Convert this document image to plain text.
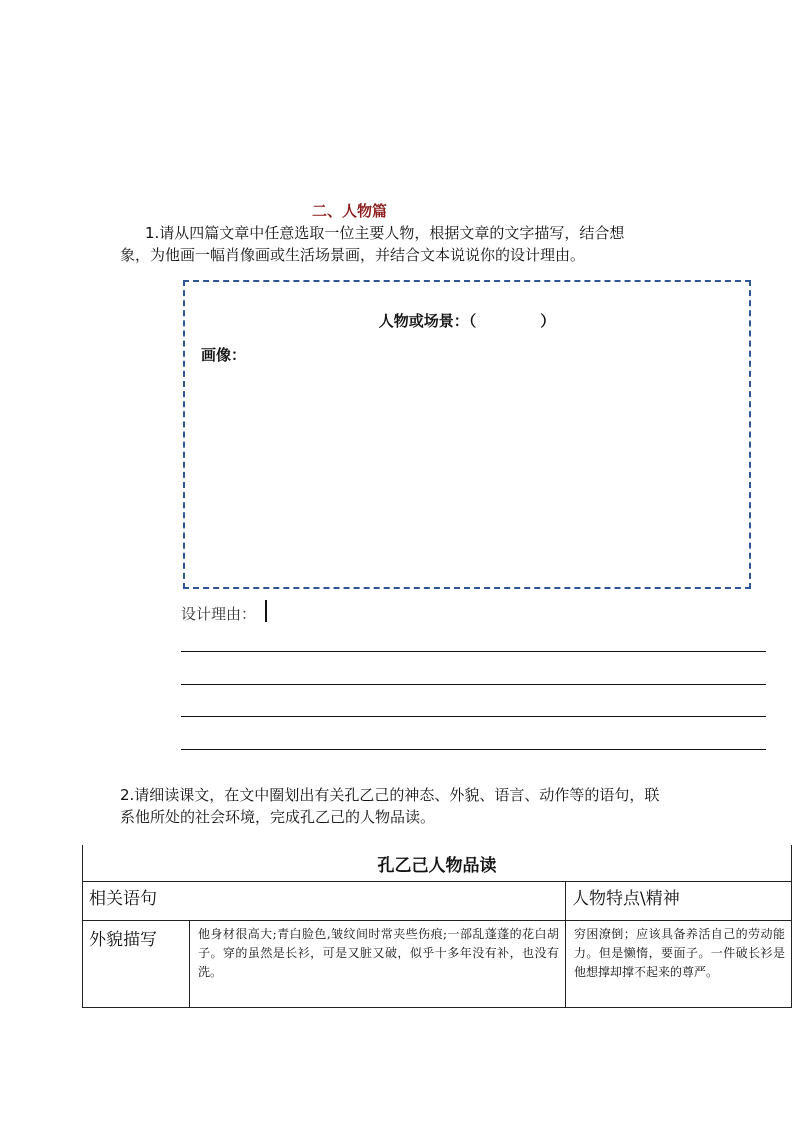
二、人物篇
1.请从四篇文章中任意选取一位主要人物，根据文章的文字描写，结合想
象，为他画一幅肖像画或生活场景画，并结合文本说说你的设计理由。
人物或场景：（	）
画像：
设计理由：
2.请细读课文，在文中圈划出有关孔乙己的神态、外貌、语言、动作等的语句，联
系他所处的社会环境，完成孔乙己的人物品读。
孔乙己人物品读		
相关语句		人物特点\精神
外貌描写	他身材很高大;青白脸色,皱纹间时常夹些伤痕;一部乱蓬蓬的花白胡子。穿的虽然是长衫，可是又脏又破，似乎十多年没有补，也没有洗。	穷困潦倒；应该具备养活自己的劳动能力。但是懒惰，要面子。一件破长衫是他想撑却撑不起来的尊严。
